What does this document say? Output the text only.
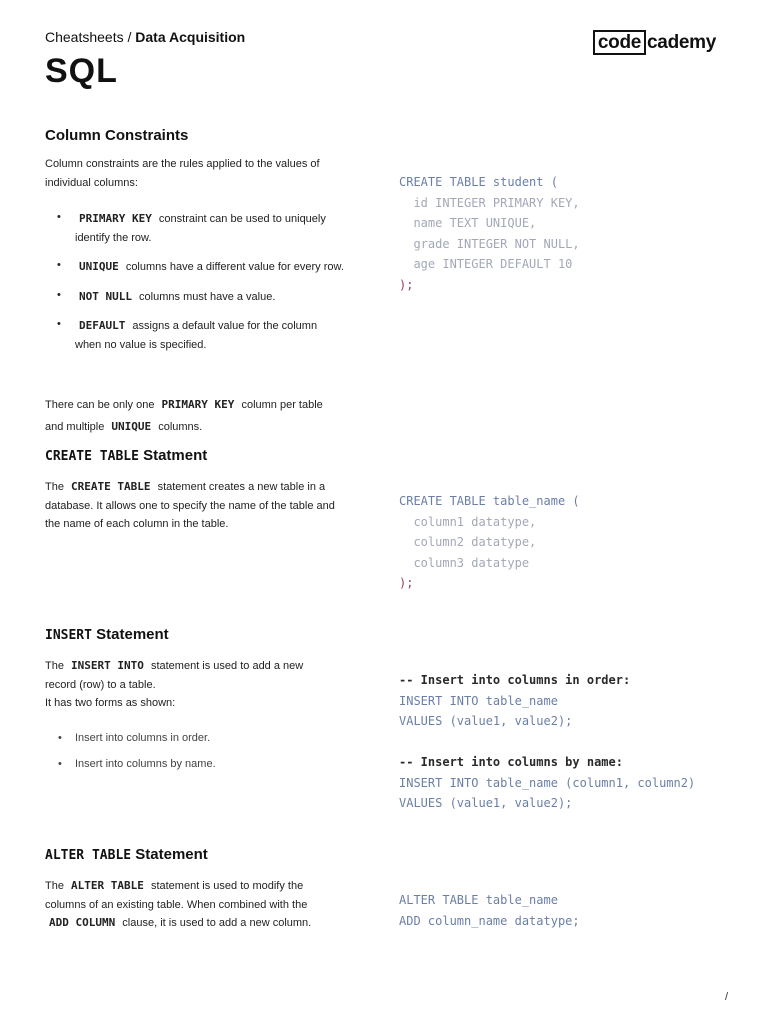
Cheatsheets / Data Acquisition	code cademy
SQL
Column Constraints
Column constraints are the rules applied to the values of individual columns:
• PRIMARY KEY constraint can be used to uniquely identify the row.
• UNIQUE columns have a different value for every row.
• NOT NULL columns must have a value.
• DEFAULT assigns a default value for the column when no value is specified.
There can be only one PRIMARY KEY column per table and multiple UNIQUE columns.
CREATE TABLE student (
id INTEGER PRIMARY KEY,
name TEXT UNIQUE,
grade INTEGER NOT NULL,
age INTEGER DEFAULT 10
);
CREATE TABLE Statment
The CREATE TABLE statement creates a new table in a database. It allows one to specify the name of the table and the name of each column in the table.
CREATE TABLE table_name (
column1 datatype,
column2 datatype,
column3 datatype
);
INSERT Statement
The INSERT INTO statement is used to add a new record (row) to a table.
It has two forms as shown:
• Insert into columns in order.
• Insert into columns by name.
-- Insert into columns in order:
INSERT INTO table_name
VALUES (value1, value2);

-- Insert into columns by name:
INSERT INTO table_name (column1, column2)
VALUES (value1, value2);
ALTER TABLE Statement
The ALTER TABLE statement is used to modify the columns of an existing table. When combined with the ADD COLUMN clause, it is used to add a new column.
ALTER TABLE table_name
ADD column_name datatype;
/
